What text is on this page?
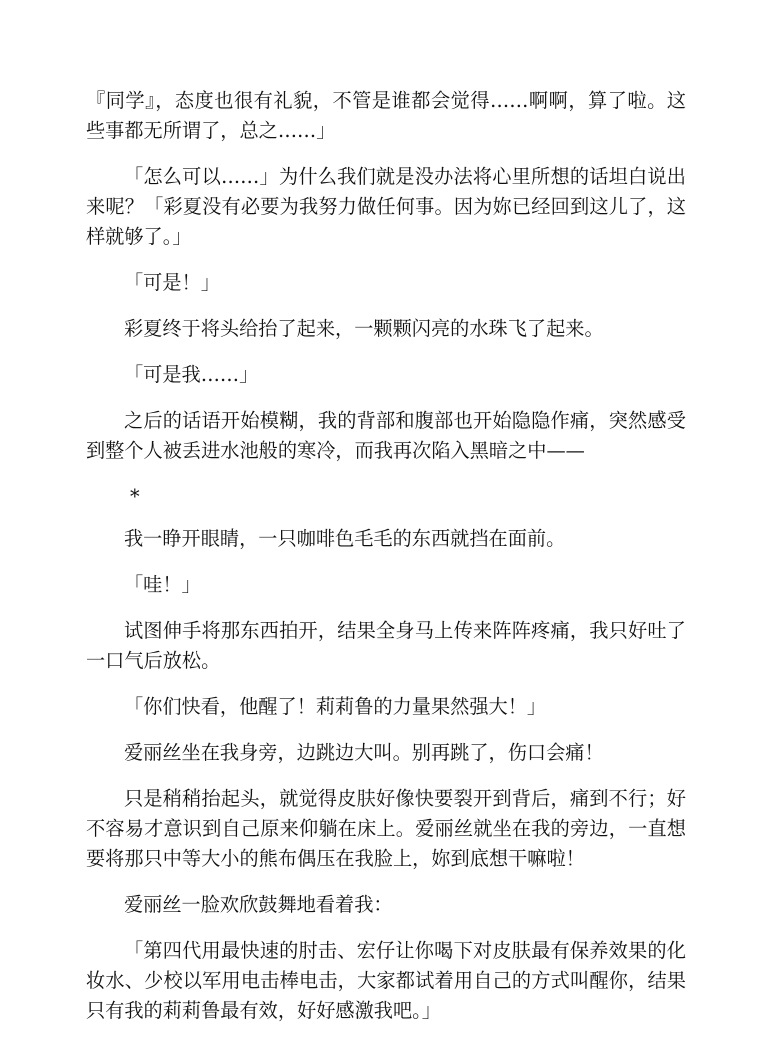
『同学』，态度也很有礼貌，不管是谁都会觉得……啊啊，算了啦。这些事都无所谓了，总之……」

「怎么可以……」为什么我们就是没办法将心里所想的话坦白说出来呢？「彩夏没有必要为我努力做任何事。因为妳已经回到这儿了，这样就够了。」

「可是！」

彩夏终于将头给抬了起来，一颗颗闪亮的水珠飞了起来。

「可是我……」

之后的话语开始模糊，我的背部和腹部也开始隐隐作痛，突然感受到整个人被丢进水池般的寒冷，而我再次陷入黑暗之中——

*

我一睁开眼睛，一只咖啡色毛毛的东西就挡在面前。

「哇！」

试图伸手将那东西拍开，结果全身马上传来阵阵疼痛，我只好吐了一口气后放松。

「你们快看，他醒了！莉莉鲁的力量果然强大！」

爱丽丝坐在我身旁，边跳边大叫。别再跳了，伤口会痛！

只是稍稍抬起头，就觉得皮肤好像快要裂开到背后，痛到不行；好不容易才意识到自己原来仰躺在床上。爱丽丝就坐在我的旁边，一直想要将那只中等大小的熊布偶压在我脸上，妳到底想干嘛啦！

爱丽丝一脸欢欣鼓舞地看着我：

「第四代用最快速的肘击、宏仔让你喝下对皮肤最有保养效果的化妆水、少校以军用电击棒电击，大家都试着用自己的方式叫醒你，结果只有我的莉莉鲁最有效，好好感激我吧。」
